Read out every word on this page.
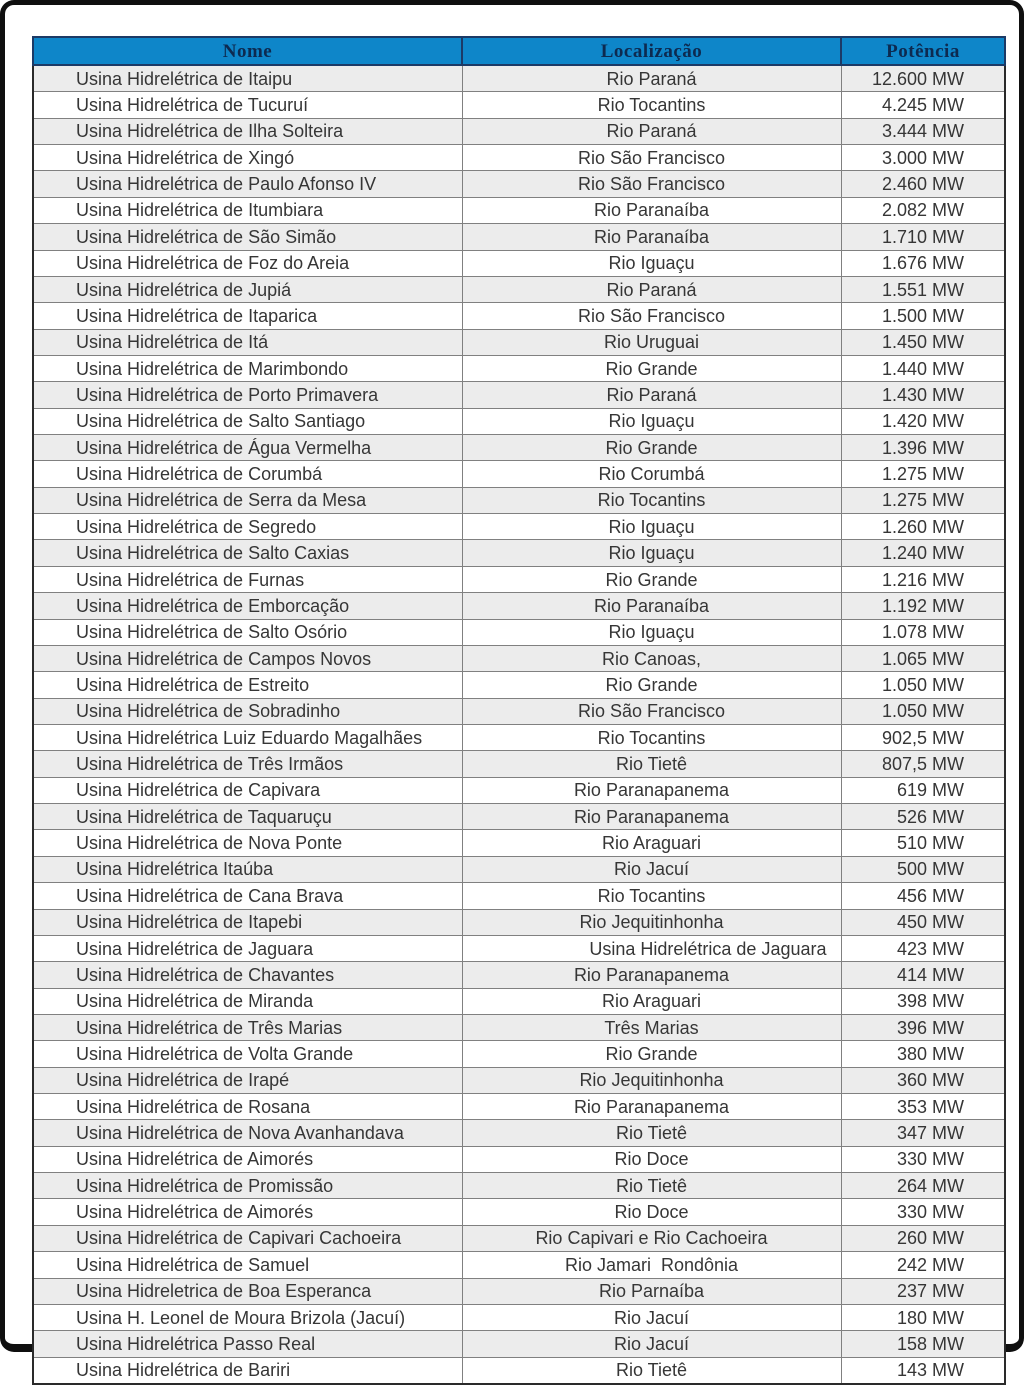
Nome	Localização	Potência
Usina Hidrelétrica de Itaipu	Rio Paraná	12.600 MW
Usina Hidrelétrica de Tucuruí	Rio Tocantins	4.245 MW
Usina Hidrelétrica de Ilha Solteira	Rio Paraná	3.444 MW
Usina Hidrelétrica de Xingó	Rio São Francisco	3.000 MW
Usina Hidrelétrica de Paulo Afonso IV	Rio São Francisco	2.460 MW
Usina Hidrelétrica de Itumbiara	Rio Paranaíba	2.082 MW
Usina Hidrelétrica de São Simão	Rio Paranaíba	1.710 MW
Usina Hidrelétrica de Foz do Areia	Rio Iguaçu	1.676 MW
Usina Hidrelétrica de Jupiá	Rio Paraná	1.551 MW
Usina Hidrelétrica de Itaparica	Rio São Francisco	1.500 MW
Usina Hidrelétrica de Itá	Rio Uruguai	1.450 MW
Usina Hidrelétrica de Marimbondo	Rio Grande	1.440 MW
Usina Hidrelétrica de Porto Primavera	Rio Paraná	1.430 MW
Usina Hidrelétrica de Salto Santiago	Rio Iguaçu	1.420 MW
Usina Hidrelétrica de Água Vermelha	Rio Grande	1.396 MW
Usina Hidrelétrica de Corumbá	Rio Corumbá	1.275 MW
Usina Hidrelétrica de Serra da Mesa	Rio Tocantins	1.275 MW
Usina Hidrelétrica de Segredo	Rio Iguaçu	1.260 MW
Usina Hidrelétrica de Salto Caxias	Rio Iguaçu	1.240 MW
Usina Hidrelétrica de Furnas	Rio Grande	1.216 MW
Usina Hidrelétrica de Emborcação	Rio Paranaíba	1.192 MW
Usina Hidrelétrica de Salto Osório	Rio Iguaçu	1.078 MW
Usina Hidrelétrica de Campos Novos	Rio Canoas,	1.065 MW
Usina Hidrelétrica de Estreito	Rio Grande	1.050 MW
Usina Hidrelétrica de Sobradinho	Rio São Francisco	1.050 MW
Usina Hidrelétrica Luiz Eduardo Magalhães	Rio Tocantins	902,5 MW
Usina Hidrelétrica de Três Irmãos	Rio Tietê	807,5 MW
Usina Hidrelétrica de Capivara	Rio Paranapanema	619 MW
Usina Hidrelétrica de Taquaruçu	Rio Paranapanema	526 MW
Usina Hidrelétrica de Nova Ponte	Rio Araguari	510 MW
Usina Hidrelétrica Itaúba	Rio Jacuí	500 MW
Usina Hidrelétrica de Cana Brava	Rio Tocantins	456 MW
Usina Hidrelétrica de Itapebi	Rio Jequitinhonha	450 MW
Usina Hidrelétrica de Jaguara	Usina Hidrelétrica de Jaguara	423 MW
Usina Hidrelétrica de Chavantes	Rio Paranapanema	414 MW
Usina Hidrelétrica de Miranda	Rio Araguari	398 MW
Usina Hidrelétrica de Três Marias	Três Marias	396 MW
Usina Hidrelétrica de Volta Grande	Rio Grande	380 MW
Usina Hidrelétrica de Irapé	Rio Jequitinhonha	360 MW
Usina Hidrelétrica de Rosana	Rio Paranapanema	353 MW
Usina Hidrelétrica de Nova Avanhandava	Rio Tietê	347 MW
Usina Hidrelétrica de Aimorés	Rio Doce	330 MW
Usina Hidrelétrica de Promissão	Rio Tietê	264 MW
Usina Hidrelétrica de Aimorés	Rio Doce	330 MW
Usina Hidrelétrica de Capivari Cachoeira	Rio Capivari e Rio Cachoeira	260 MW
Usina Hidrelétrica de Samuel	Rio Jamari  Rondônia	242 MW
Usina Hidreletrica de Boa Esperanca	Rio Parnaíba	237 MW
Usina H. Leonel de Moura Brizola (Jacuí)	Rio Jacuí	180 MW
Usina Hidrelétrica Passo Real	Rio Jacuí	158 MW
Usina Hidrelétrica de Bariri	Rio Tietê	143 MW
